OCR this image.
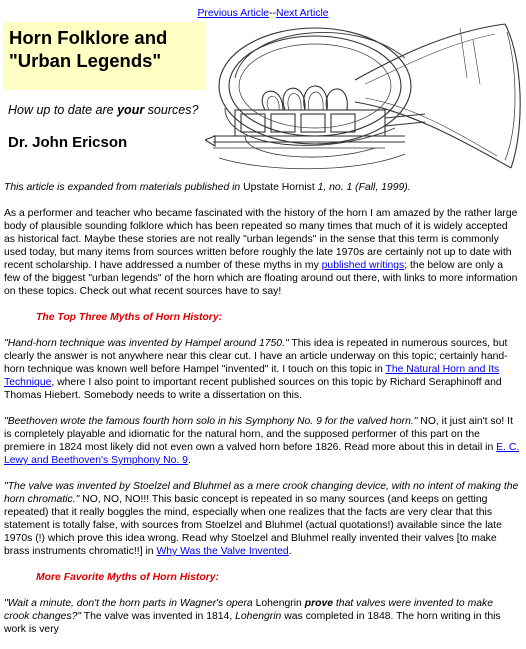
Previous Article--Next Article
Horn Folklore and
"Urban Legends"
How up to date are your sources?
Dr. John Ericson

This article is expanded from materials published in Upstate Hornist 1, no. 1 (Fall, 1999).

As a performer and teacher who became fascinated with the history of the horn I am amazed by the rather large body of plausible sounding folklore which has been repeated so many times that much of it is widely accepted as historical fact. Maybe these stories are not really "urban legends" in the sense that this term is commonly used today, but many items from sources written before roughly the late 1970s are certainly not up to date with recent scholarship. I have addressed a number of these myths in my published writings; the below are only a few of the biggest "urban legends" of the horn which are floating around out there, with links to more information on these topics. Check out what recent sources have to say!

The Top Three Myths of Horn History:

"Hand-horn technique was invented by Hampel around 1750." This idea is repeated in numerous sources, but clearly the answer is not anywhere near this clear cut. I have an article underway on this topic; certainly hand-horn technique was known well before Hampel "invented" it. I touch on this topic in The Natural Horn and Its Technique, where I also point to important recent published sources on this topic by Richard Seraphinoff and Thomas Hiebert. Somebody needs to write a dissertation on this.

"Beethoven wrote the famous fourth horn solo in his Symphony No. 9 for the valved horn." NO, it just ain't so! It is completely playable and idiomatic for the natural horn, and the supposed performer of this part on the premiere in 1824 most likely did not even own a valved horn before 1826. Read more about this in detail in E. C. Lewy and Beethoven's Symphony No. 9.

"The valve was invented by Stoelzel and Bluhmel as a mere crook changing device, with no intent of making the horn chromatic." NO, NO, NO!!! This basic concept is repeated in so many sources (and keeps on getting repeated) that it really boggles the mind, especially when one realizes that the facts are very clear that this statement is totally false, with sources from Stoelzel and Bluhmel (actual quotations!) available since the late 1970s (!) which prove this idea wrong. Read why Stoelzel and Bluhmel really invented their valves [to make brass instruments chromatic!!] in Why Was the Valve Invented.

More Favorite Myths of Horn History:

"Wait a minute, don't the horn parts in Wagner's opera Lohengrin prove that valves were invented to make crook changes?" The valve was invented in 1814, Lohengrin was completed in 1848. The horn writing in this work is very
